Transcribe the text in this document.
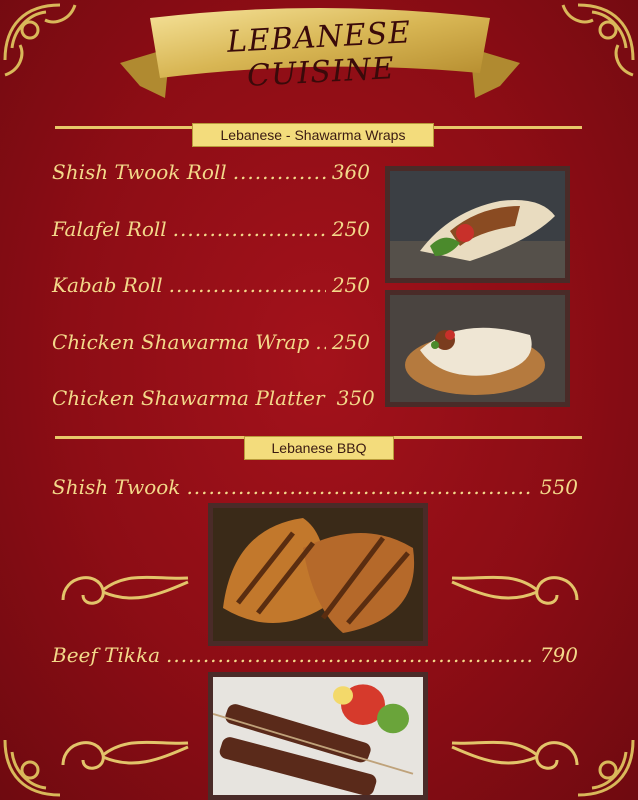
LEBANESE CUISINE
Lebanese - Shawarma Wraps
Shish Twook Roll .....	360
Falafel Roll .....	250
Kabab Roll .....	250
Chicken Shawarma Wrap ..... 250
Chicken Shawarma Platter 350
Lebanese BBQ
Shish Twook .....	550
Beef Tikka .....	790
